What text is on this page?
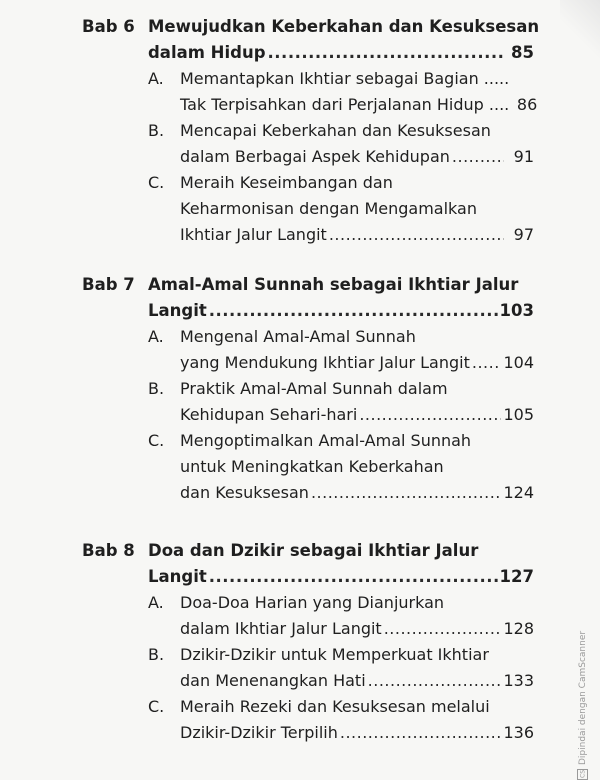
Bab 6 Mewujudkan Keberkahan dan Kesuksesan
dalam Hidup .....	85
A. Memantapkan Ikhtiar sebagai Bagian .....
Tak Terpisahkan dari Perjalanan Hidup .... 86
B. Mencapai Keberkahan dan Kesuksesan
dalam Berbagai Aspek Kehidupan .....	91
C. Meraih Keseimbangan dan
Keharmonisan dengan Mengamalkan
Ikhtiar Jalur Langit .....	97
Bab 7 Amal-Amal Sunnah sebagai Ikhtiar Jalur
Langit .....	103
A. Mengenal Amal-Amal Sunnah
yang Mendukung Ikhtiar Jalur Langit ..... 104
B. Praktik Amal-Amal Sunnah dalam
Kehidupan Sehari-hari .....	105
C. Mengoptimalkan Amal-Amal Sunnah
untuk Meningkatkan Keberkahan
dan Kesuksesan .....	124
Bab 8 Doa dan Dzikir sebagai Ikhtiar Jalur
Langit .....	127
A. Doa-Doa Harian yang Dianjurkan
dalam Ikhtiar Jalur Langit .....	128
B. Dzikir-Dzikir untuk Memperkuat Ikhtiar
dan Menenangkan Hati .....	133
C. Meraih Rezeki dan Kesuksesan melalui
Dzikir-Dzikir Terpilih .....	136
CS
Dipindai dengan CamScanner
